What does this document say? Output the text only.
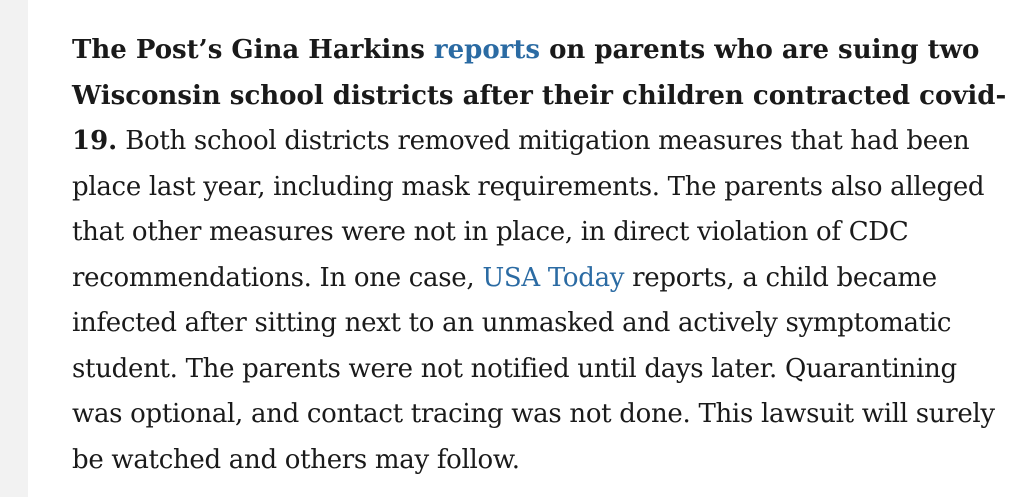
The Post’s Gina Harkins reports on parents who are suing two Wisconsin school districts after their children contracted covid-19. Both school districts removed mitigation measures that had been place last year, including mask requirements. The parents also alleged that other measures were not in place, in direct violation of CDC recommendations. In one case, USA Today reports, a child became infected after sitting next to an unmasked and actively symptomatic student. The parents were not notified until days later. Quarantining was optional, and contact tracing was not done. This lawsuit will surely be watched and others may follow.
